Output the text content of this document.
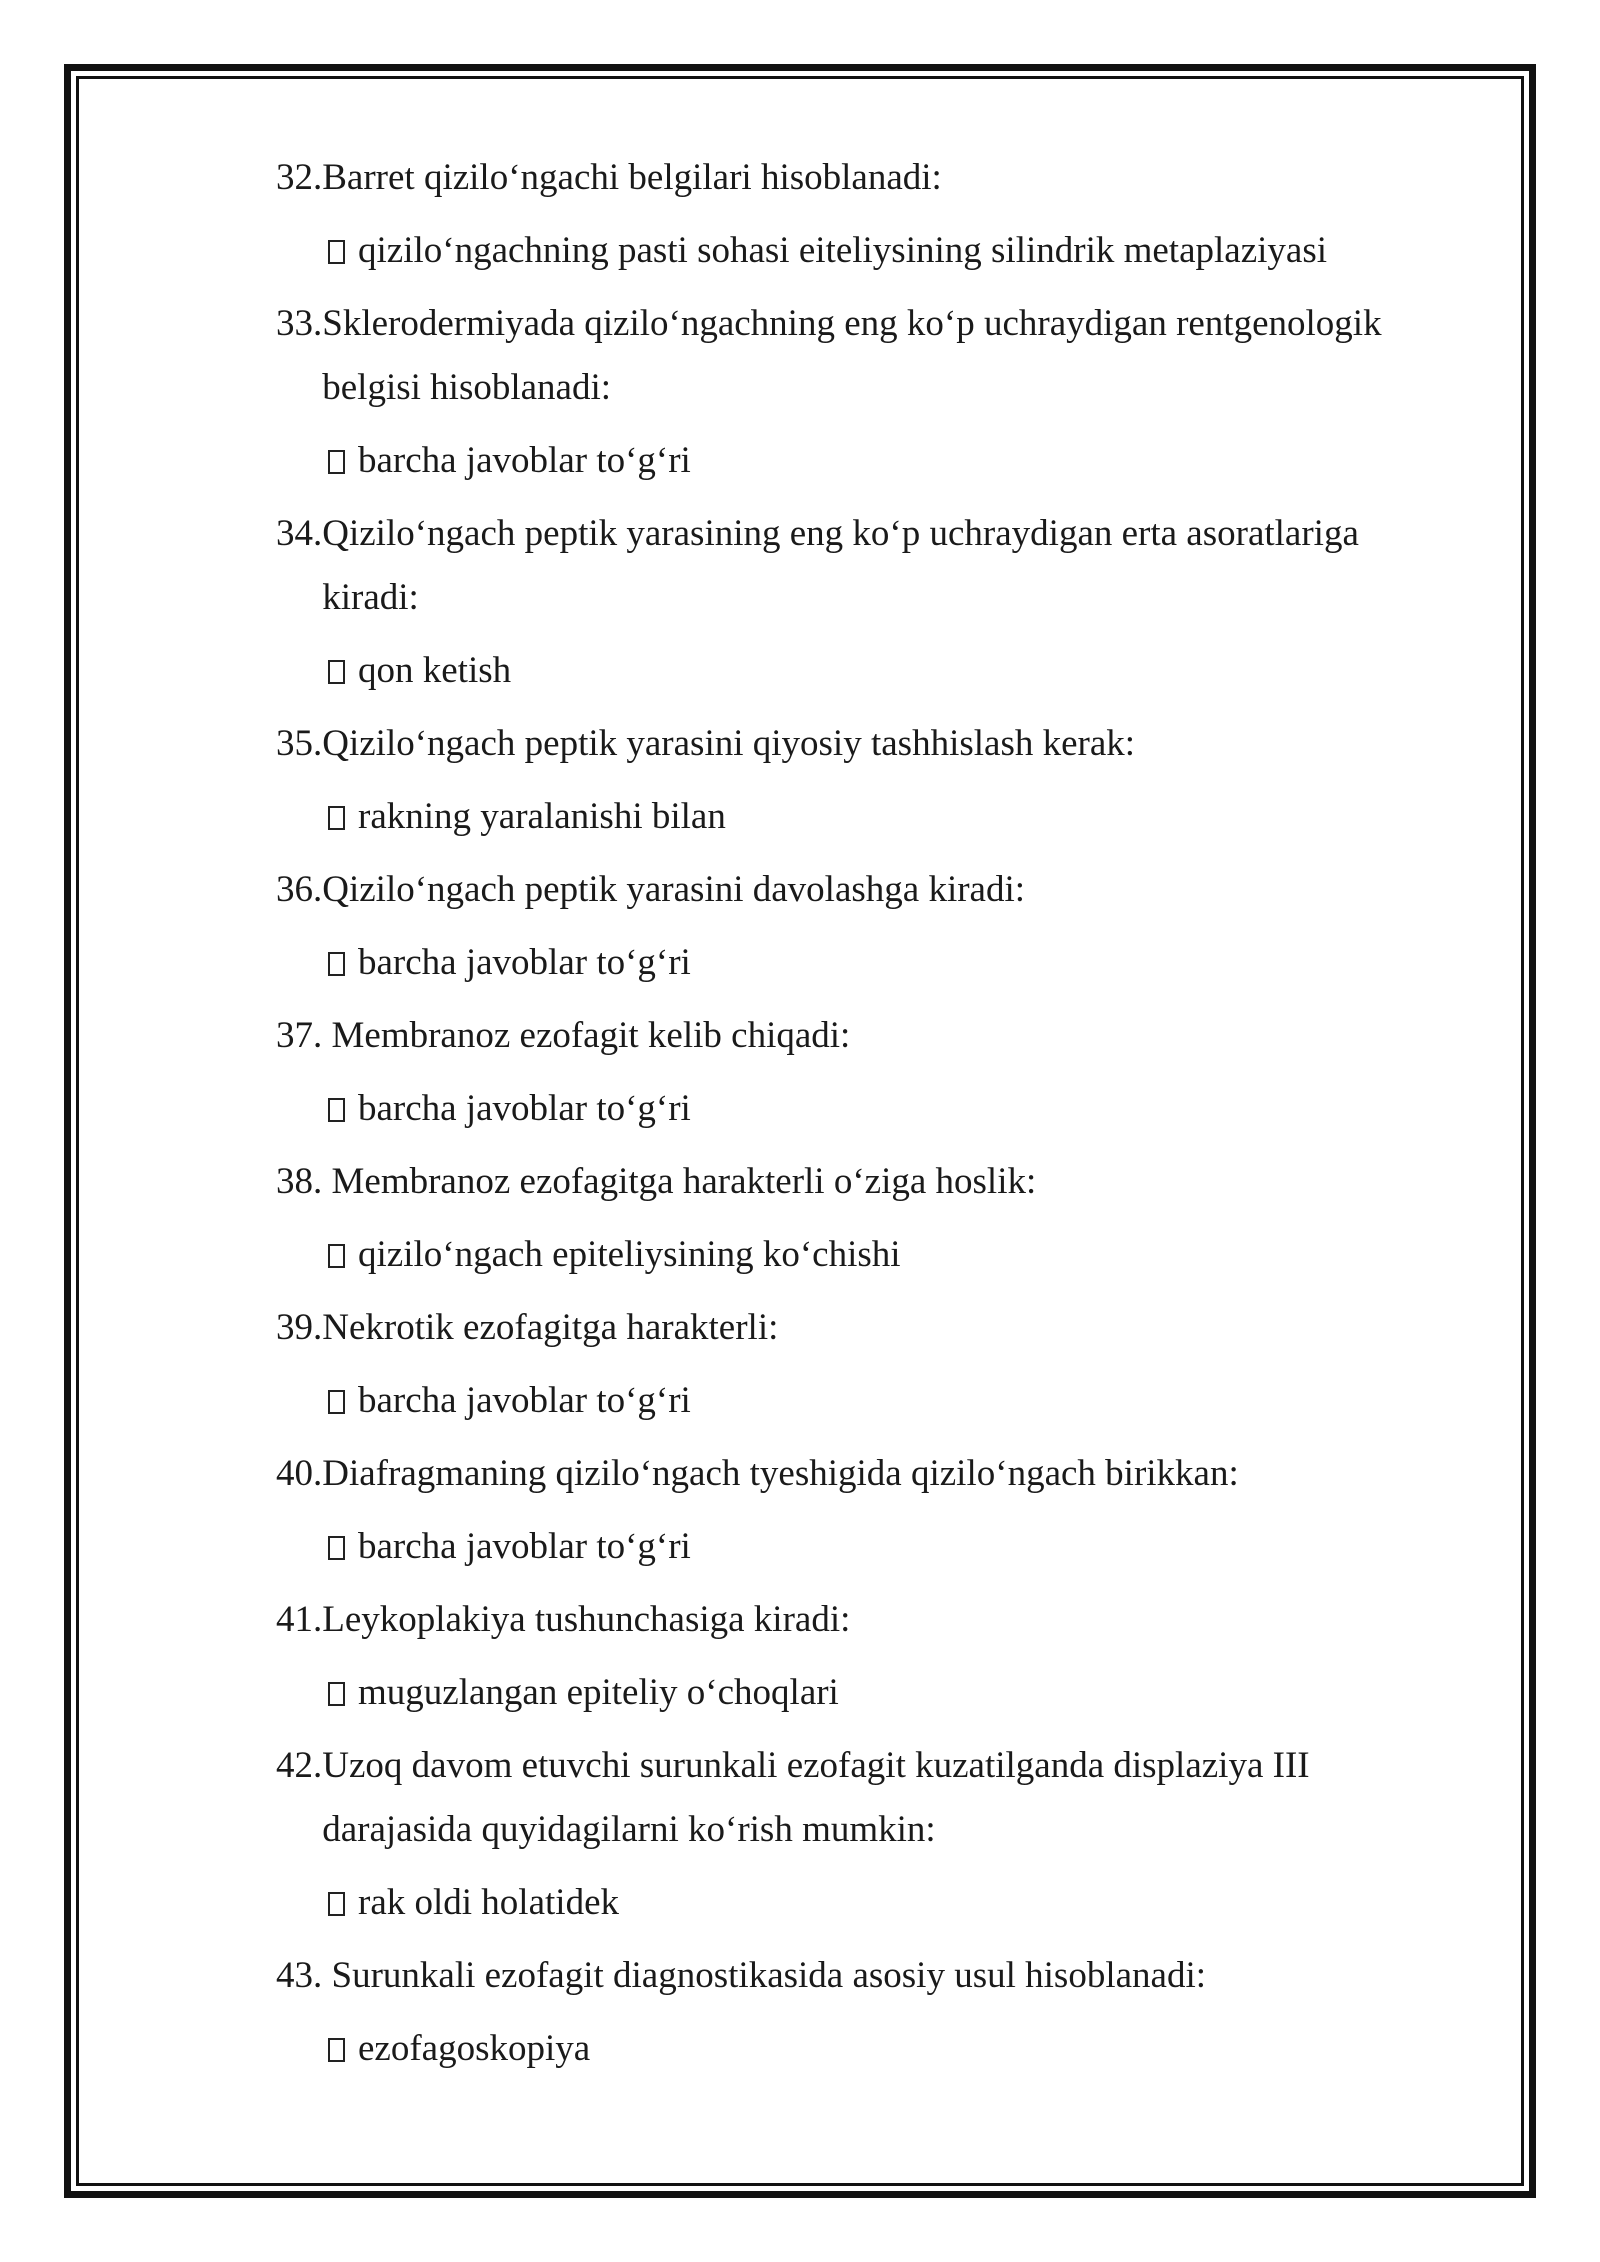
32. Barret qizilo‘ngachi belgilari hisoblanadi:

qizilo‘ngachning pasti sohasi eiteliysining silindrik metaplaziyasi

33. Sklerodermiyada qizilo‘ngachning eng ko‘p uchraydigan rentgenologik belgisi hisoblanadi:

barcha javoblar to‘g‘ri

34. Qizilo‘ngach peptik yarasining eng ko‘p uchraydigan erta asoratlariga kiradi:

qon ketish

35. Qizilo‘ngach peptik yarasini qiyosiy tashhislash kerak:

rakning yaralanishi bilan

36. Qizilo‘ngach peptik yarasini davolashga kiradi:

barcha javoblar to‘g‘ri

37. Membranoz ezofagit kelib chiqadi:

barcha javoblar to‘g‘ri

38. Membranoz ezofagitga harakterli o‘ziga hoslik:

qizilo‘ngach epiteliysining ko‘chishi

39. Nekrotik ezofagitga harakterli:

barcha javoblar to‘g‘ri

40. Diafragmaning qizilo‘ngach tyeshigida qizilo‘ngach birikkan:

barcha javoblar to‘g‘ri

41. Leykoplakiya tushunchasiga kiradi:

muguzlangan epiteliy o‘choqlari

42. Uzoq davom etuvchi surunkali ezofagit kuzatilganda displaziya III darajasida quyidagilarni ko‘rish mumkin:

rak oldi holatidek

43. Surunkali ezofagit diagnostikasida asosiy usul hisoblanadi:

ezofagoskopiya
